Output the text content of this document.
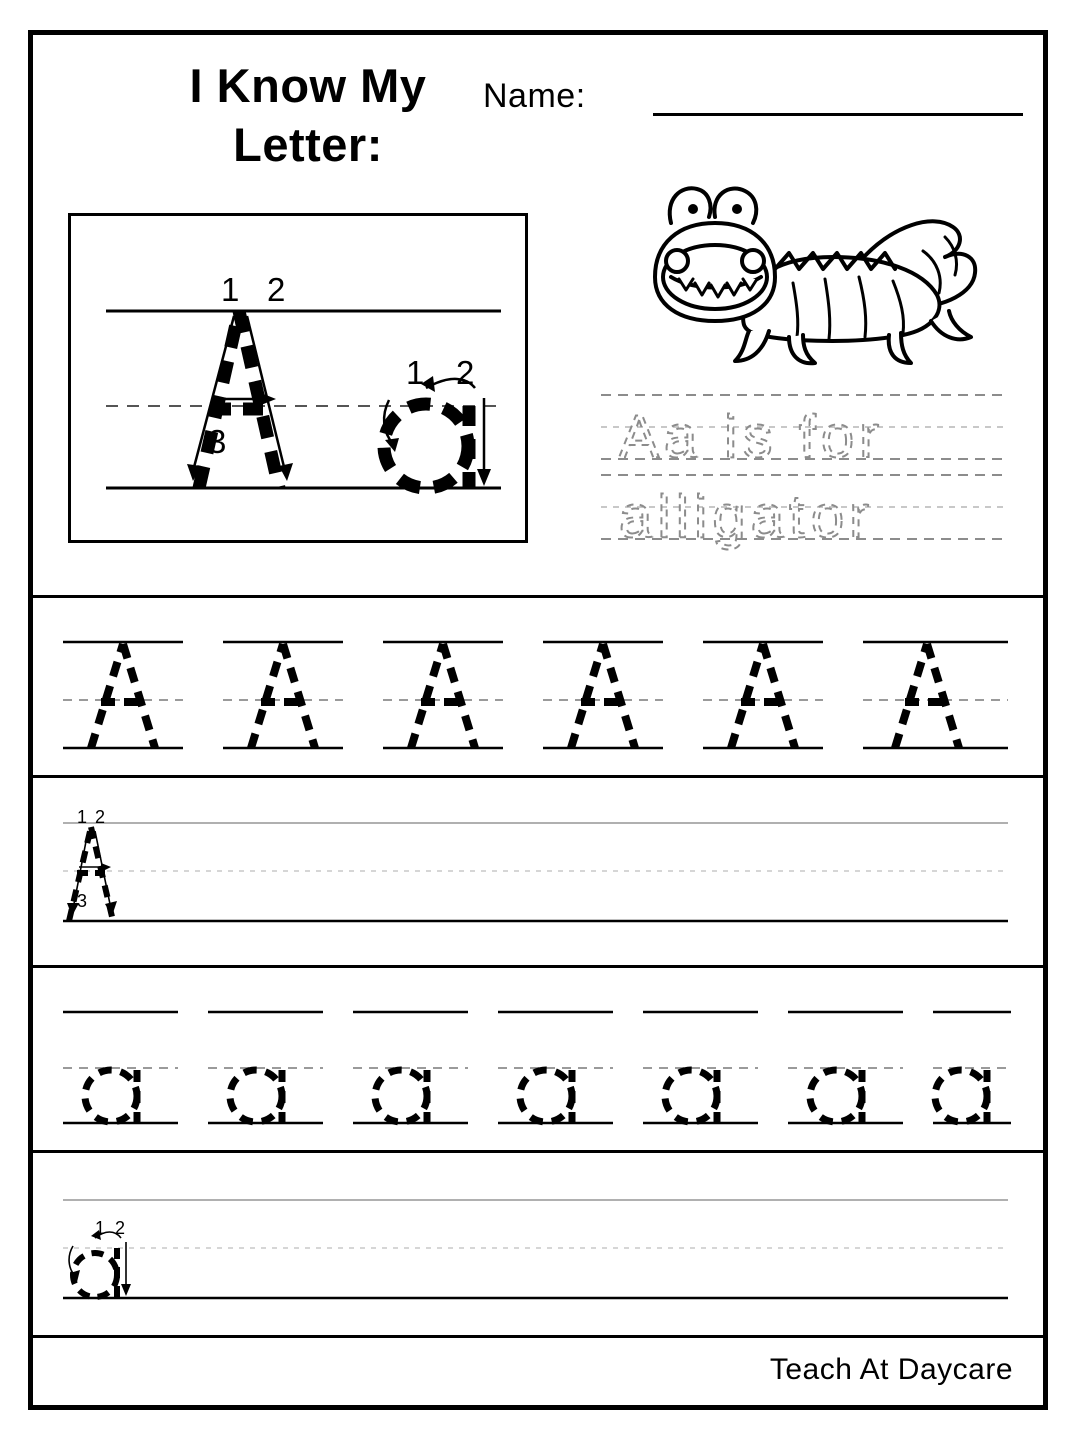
I Know My
Letter:
Name:
1 2
3
1 2
Aa is for
alligator
1 2
3
1 2
Teach At Daycare
